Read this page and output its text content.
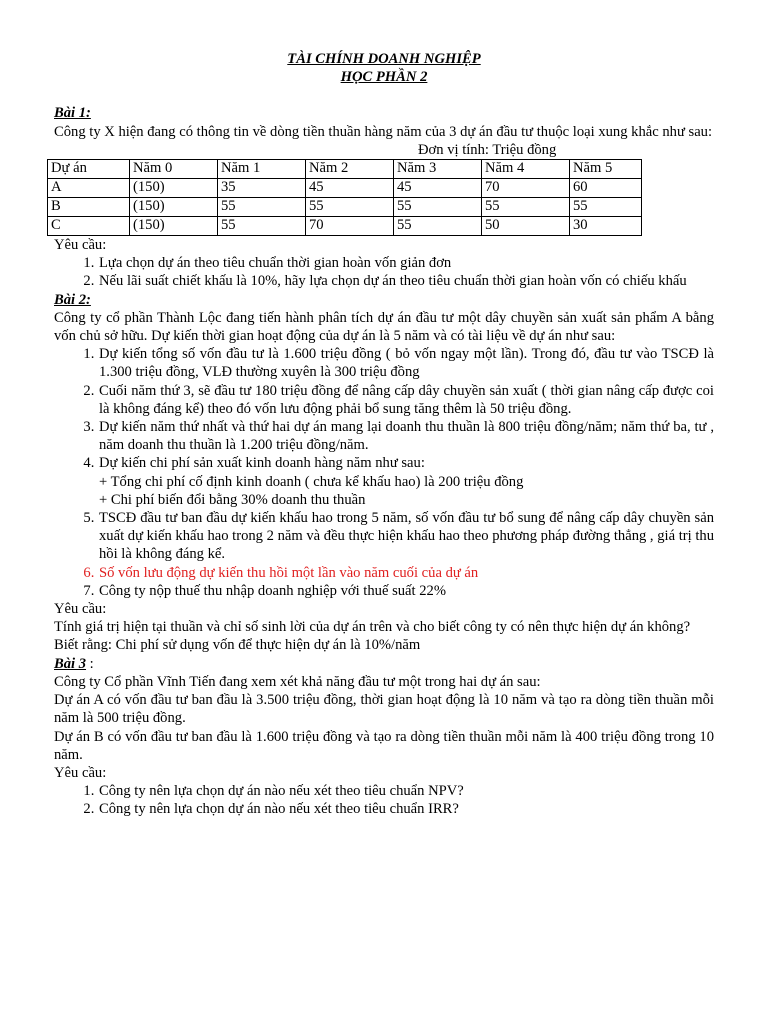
TÀI CHÍNH DOANH NGHIỆP
HỌC PHẦN 2
Bài 1:
Công ty X hiện đang có thông tin về dòng tiền thuần hàng năm của 3 dự án đầu tư thuộc loại xung khắc như sau:
Đơn vị tính: Triệu đồng
Dự án	Năm 0	Năm 1	Năm 2	Năm 3	Năm 4	Năm 5
A	(150)	35	45	45	70	60
B	(150)	55	55	55	55	55
C	(150)	55	70	55	50	30
Yêu cầu:
1. Lựa chọn dự án theo tiêu chuẩn thời gian hoàn vốn giản đơn
2. Nếu lãi suất chiết khấu là 10%, hãy lựa chọn dự án theo tiêu chuẩn thời gian hoàn vốn có chiếu khấu
Bài 2:
Công ty cổ phần Thành Lộc đang tiến hành phân tích dự án đầu tư một dây chuyền sản xuất sản phẩm A bằng vốn chủ sở hữu. Dự kiến thời gian hoạt động của dự án là 5 năm và có tài liệu về dự án như sau:
1. Dự kiến tổng số vốn đầu tư là 1.600 triệu đồng ( bỏ vốn ngay một lần). Trong đó, đầu tư vào TSCĐ là 1.300 triệu đồng, VLĐ thường xuyên là 300 triệu đồng
2. Cuối năm thứ 3, sẽ đầu tư 180 triệu đồng để nâng cấp dây chuyền sản xuất ( thời gian nâng cấp được coi là không đáng kể) theo đó vốn lưu động phải bổ sung tăng thêm là 50 triệu đồng.
3. Dự kiến năm thứ nhất và thứ hai dự án mang lại doanh thu thuần là 800 triệu đồng/năm; năm thứ ba, tư , năm doanh thu thuần là 1.200 triệu đồng/năm.
4. Dự kiến chi phí sản xuất kinh doanh hàng năm như sau:
+ Tổng chi phí cố định kinh doanh ( chưa kể khấu hao) là 200 triệu đồng
+ Chi phí biến đổi bằng 30% doanh thu thuần
5. TSCĐ đầu tư ban đầu dự kiến khấu hao trong 5 năm, số vốn đầu tư bổ sung để nâng cấp dây chuyền sản xuất dự kiến khấu hao trong 2 năm và đều thực hiện khấu hao theo phương pháp đường thẳng , giá trị thu hồi là không đáng kể.
6. Số vốn lưu động dự kiến thu hồi một lần vào năm cuối của dự án
7. Công ty nộp thuế thu nhập doanh nghiệp với thuế suất 22%
Yêu cầu:
Tính giá trị hiện tại thuần và chỉ số sinh lời của dự án trên và cho biết công ty có nên thực hiện dự án không?
Biết rằng: Chi phí sử dụng vốn để thực hiện dự án là 10%/năm
Bài 3 :
Công ty Cổ phần Vĩnh Tiến đang xem xét khả năng đầu tư một trong hai dự án sau:
Dự án A có vốn đầu tư ban đầu là 3.500 triệu đồng, thời gian hoạt động là 10 năm và tạo ra dòng tiền thuần mỗi năm là 500 triệu đồng.
Dự án B có vốn đầu tư ban đầu là 1.600 triệu đồng và tạo ra dòng tiền thuần mỗi năm là 400 triệu đồng trong 10 năm.
Yêu cầu:
1. Công ty nên lựa chọn dự án nào nếu xét theo tiêu chuẩn NPV?
2. Công ty nên lựa chọn dự án nào nếu xét theo tiêu chuẩn IRR?
